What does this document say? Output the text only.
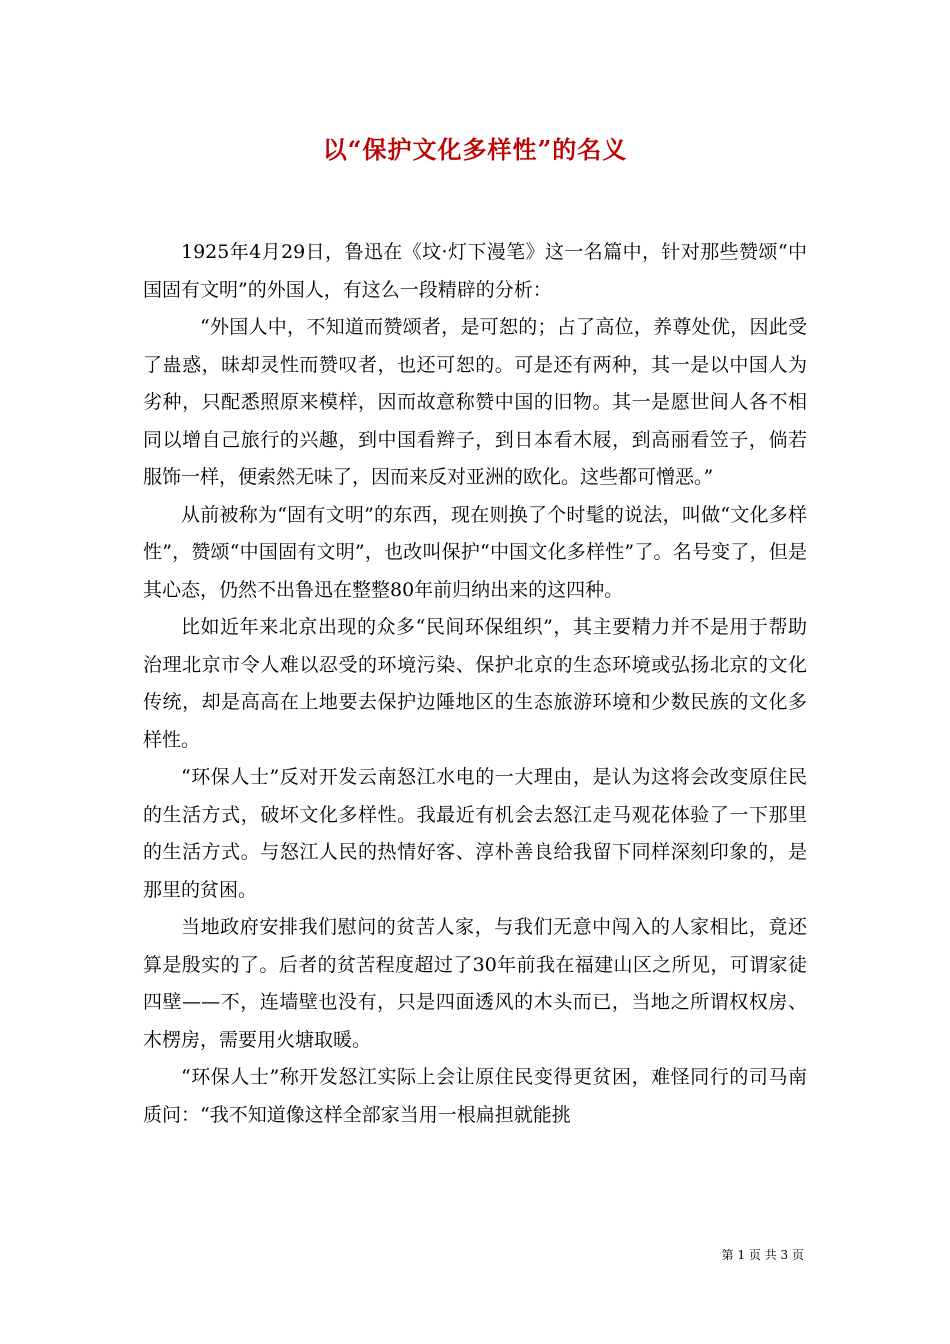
以“保护文化多样性”的名义

1925年4月29日，鲁迅在《坟·灯下漫笔》这一名篇中，针对那些赞颂“中国固有文明”的外国人，有这么一段精辟的分析：

“外国人中，不知道而赞颂者，是可恕的；占了高位，养尊处优，因此受了蛊惑，昧却灵性而赞叹者，也还可恕的。可是还有两种，其一是以中国人为劣种，只配悉照原来模样，因而故意称赞中国的旧物。其一是愿世间人各不相同以增自己旅行的兴趣，到中国看辫子，到日本看木屐，到高丽看笠子，倘若服饰一样，便索然无味了，因而来反对亚洲的欧化。这些都可憎恶。”

从前被称为“固有文明”的东西，现在则换了个时髦的说法，叫做“文化多样性”，赞颂“中国固有文明”，也改叫保护“中国文化多样性”了。名号变了，但是其心态，仍然不出鲁迅在整整80年前归纳出来的这四种。

比如近年来北京出现的众多“民间环保组织”，其主要精力并不是用于帮助治理北京市令人难以忍受的环境污染、保护北京的生态环境或弘扬北京的文化传统，却是高高在上地要去保护边陲地区的生态旅游环境和少数民族的文化多样性。

“环保人士”反对开发云南怒江水电的一大理由，是认为这将会改变原住民的生活方式，破坏文化多样性。我最近有机会去怒江走马观花体验了一下那里的生活方式。与怒江人民的热情好客、淳朴善良给我留下同样深刻印象的，是那里的贫困。

当地政府安排我们慰问的贫苦人家，与我们无意中闯入的人家相比，竟还算是殷实的了。后者的贫苦程度超过了30年前我在福建山区之所见，可谓家徒四壁——不，连墙壁也没有，只是四面透风的木头而已，当地之所谓权权房、木楞房，需要用火塘取暖。

“环保人士”称开发怒江实际上会让原住民变得更贫困，难怪同行的司马南质问：“我不知道像这样全部家当用一根扁担就能挑

第 1 页 共 3 页
